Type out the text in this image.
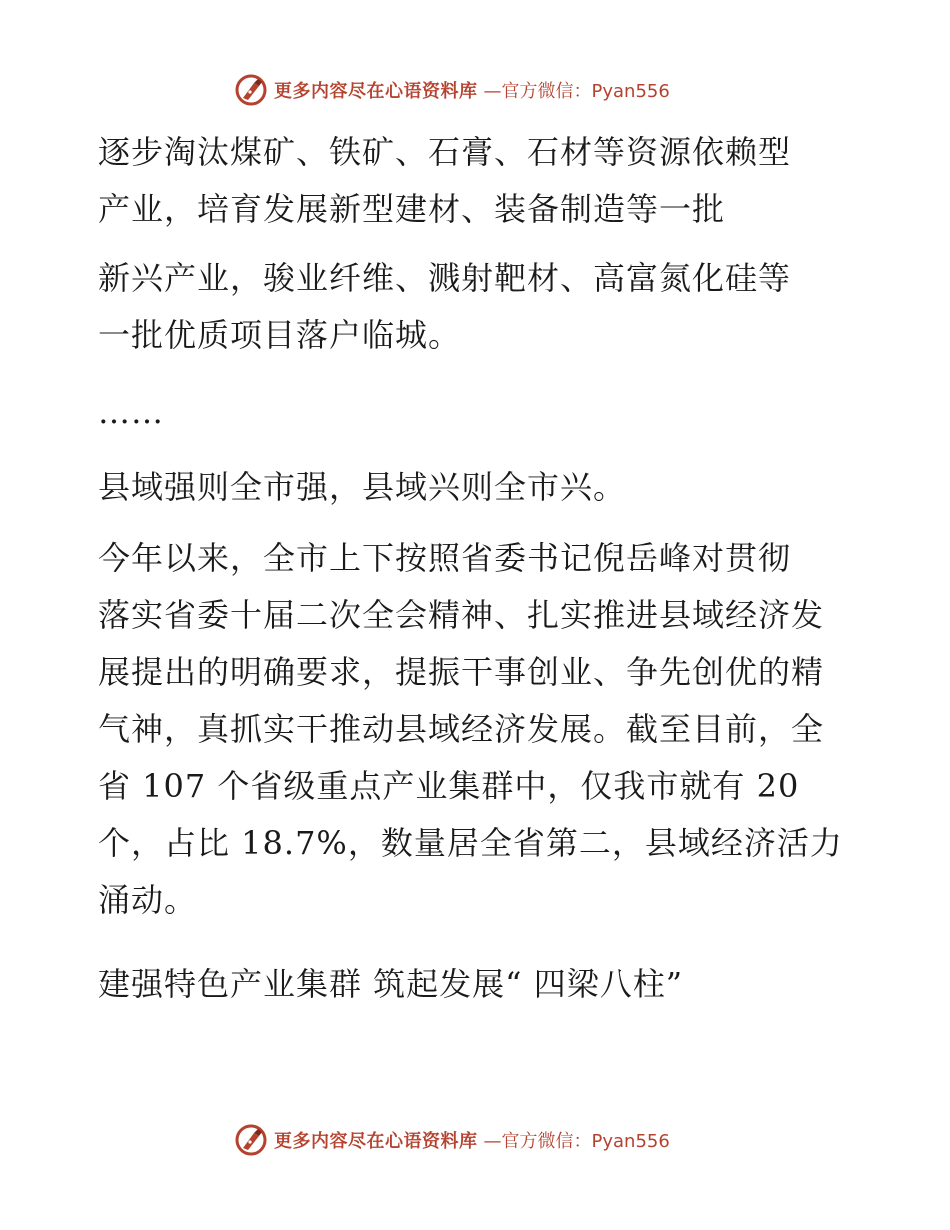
更多内容尽在心语资料库 —官方微信：Pyan556
逐步淘汰煤矿、铁矿、石膏、石材等资源依赖型
产业，培育发展新型建材、装备制造等一批
新兴产业，骏业纤维、溅射靶材、高富氮化硅等
一批优质项目落户临城。
……
县域强则全市强，县域兴则全市兴。
今年以来，全市上下按照省委书记倪岳峰对贯彻
落实省委十届二次全会精神、扎实推进县域经济发
展提出的明确要求，提振干事创业、争先创优的精
气神，真抓实干推动县域经济发展。截至目前，全
省 107 个省级重点产业集群中，仅我市就有 20
个，占比 18.7%，数量居全省第二，县域经济活力
涌动。
建强特色产业集群 筑起发展“ 四梁八柱”
更多内容尽在心语资料库 —官方微信：Pyan556
